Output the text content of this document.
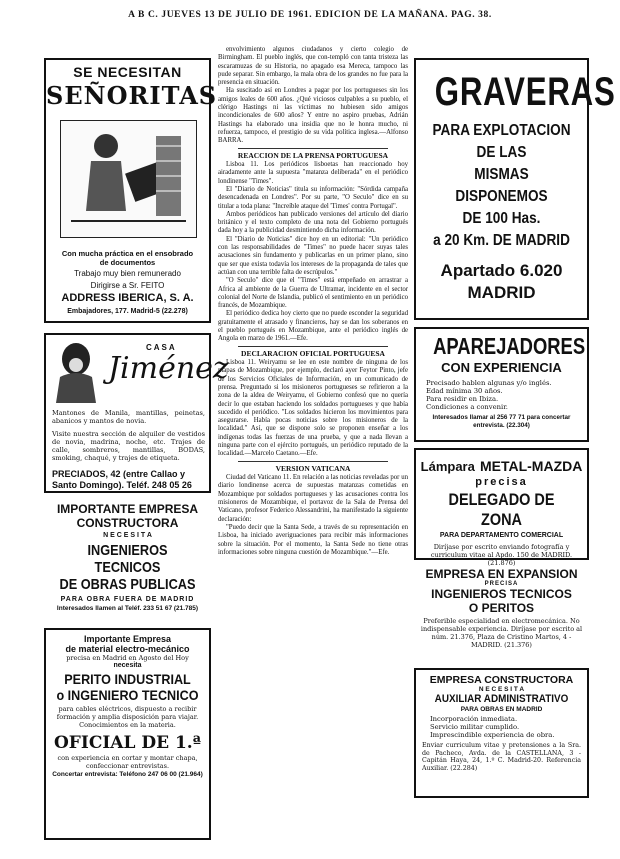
A B C. JUEVES 13 DE JULIO DE 1961. EDICION DE LA MAÑANA. PAG. 38.
SE NECESITAN
SEÑORITAS
Con mucha práctica en el ensobrado
de documentos
Trabajo muy bien remunerado
Dirigirse a Sr. FEITO
ADDRESS IBERICA, S. A.
Embajadores, 177. Madrid-5 (22.278)
CASA
Jiménez
Mantones de Manila, mantillas, peinetas, abanicos y mantos de novia.
Visite nuestra sección de alquiler de vestidos de novia, madrina, noche, etc. Trajes de calle, sombreros, mantillas, BODAS, smoking, chaqué, y trajes de etiqueta.
PRECIADOS, 42 (entre Callao y Santo Domingo). Teléf. 248 05 26
IMPORTANTE EMPRESA
CONSTRUCTORA
N E C E S I T A
INGENIEROS TECNICOS
DE OBRAS PUBLICAS
PARA OBRA FUERA DE MADRID
Interesados llamen al Teléf. 233 51 67 (21.785)
Importante Empresa
de material electro-mecánico
precisa en Madrid en Agosto del Hoy
necesita
PERITO INDUSTRIAL
o INGENIERO TECNICO
para cables eléctricos, dispuesto a recibir formación y amplia disposición para viajar. Conocimientos en la materia.
OFICIAL DE 1.ª
con experiencia en cortar y montar chapa, confeccionar entrevistas.
Concertar entrevista: Teléfono 247 06 00 (21.964)

envolvimiento algunos ciudadanos y cierto colegio de Birmingham. El pueblo inglés, que con-templó con tanta tristeza las escaramuzas de su Historia, no apagado esa Mereca, tampoco las pude separar. Sin embargo, la mala obra de los grandes no fue para la presencia en situación.

Ha suscitado así en Londres a pagar por los portugueses sin los amigos leales de 600 años. ¿Qué viciosos culpables a su pueblo, el clérigo Hastings ni las víctimas no hubiesen sido amigos incondicionales de 600 años? Y entre no aspiro pruebas, Adrián Hastings ha elaborado una insidia que no le honra mucho, ni refuerza, tampoco, el prestigio de su vida política inglesa.—Alfonso BARRA.

REACCION DE LA PRENSA PORTUGUESA

Lisboa 11. Los periódicos lisboetas han reaccionado hoy airadamente ante la supuesta "matanza deliberada" en el periódico londinense "Times".

El "Diario de Noticias" titula su información: "Sórdida campaña desencadenada en Londres". Por su parte, "O Seculo" dice en su titular a toda plana: "Increíble ataque del 'Times' contra Portugal".

Ambos periódicos han publicado versiones del artículo del diario británico y el texto completo de una nota del Gobierno portugués dada hoy a la publicidad desmintiendo dicha información.

El "Diario de Noticias" dice hoy en un editorial: "Un periódico con las responsabilidades de "Times" no puede hacer suyas tales acusaciones sin fundamento y publicarlas en un primer plano, sino que ser que exista todavía los intereses de la propaganda de tales que actúan con una terrible falta de escrúpulos."

"O Seculo" dice que el "Times" está empeñado en arrastrar a Africa al ambiente de la Guerra de Ultramar, incidente en el sector colonial del Norte de Islandia, publicó el sentimiento en un periódico francés, de Mozambique.

El periódico dedica hoy cierto que no puede esconder la seguridad gratuitamente el atrasado y financieros, hay se dan los soberanos en el pueblo portugués en Mozambique, ante el periódico inglés de Angola en marzo de 1961.—Efe.

DECLARACION OFICIAL PORTUGUESA

Lisboa 11. Weiryamu se lee en este nombre de ninguna de los mapas de Mozambique, por ejemplo, declaró ayer Feytor Pinto, jefe de los Servicios Oficiales de Información, en un comunicado de prensa. Preguntado si los misioneros portugueses se refirieron a la zona de la aldea de Weiryamu, el Gobierno confesó que no quería decir lo que estaban haciendo los soldados portugueses y que había sucedido el periódico. "Los soldados hicieron los movimientos para asegurarse. Había pocas noticias sobre los misioneros de la localidad." Así, que se dispone solo se proponen enseñar a los indígenas todas las fuerzas de una prueba, y que a nada llevan a ninguna parte con el ejército portugués, un periódico reputado de la localidad.—Marcelo Caetano.—Efe.

VERSION VATICANA

Ciudad del Vaticano 11. En relación a las noticias reveladas por un diario londinense acerca de supuestas matanzas cometidas en Mozambique por soldados portugueses y las acusaciones contra los misioneros de Mozambique, el portavoz de la Sala de Prensa del Vaticano, profesor Federico Alessandrini, ha manifestado la siguiente declaración:

"Puedo decir que la Santa Sede, a través de su representación en Lisboa, ha iniciado averiguaciones para recibir más informaciones sobre la situación. Por el momento, la Santa Sede no tiene otras informaciones sobre ninguna cuestión de Mozambique."—Efe.

GRAVERAS
PARA EXPLOTACION
DE LAS
MISMAS DISPONEMOS
DE 100 Has.
a 20 Km. DE MADRID
Apartado 6.020
MADRID
APAREJADORES
CON EXPERIENCIA
Precisado hablen algunas y/o inglés.
Edad mínima 30 años.
Para residir en Ibiza.
Condiciones a convenir.
Interesados llamar al 256 77 71 para concertar entrevista. (22.304)
Lámpara METAL-MAZDA
precisa
DELEGADO DE ZONA
PARA DEPARTAMENTO COMERCIAL
Diríjase por escrito enviando fotografía y curriculum vitae al Apdo. 150 de MADRID. (21.876)
EMPRESA EN EXPANSION
PRECISA
INGENIEROS TECNICOS
O PERITOS
Preferible especialidad en electromecánica. No indispensable experiencia. Diríjase por escrito al núm. 21.376, Plaza de Cristino Martos, 4 - MADRID. (21.376)
EMPRESA CONSTRUCTORA
N E C E S I T A
AUXILIAR ADMINISTRATIVO
PARA OBRAS EN MADRID
Incorporación inmediata.
Servicio militar cumplido.
Imprescindible experiencia de obra.
Enviar curriculum vitae y pretensiones a la Sra. de Pacheco, Avda. de la CASTELLANA, 3 - Capitán Haya, 24, 1.º C. Madrid-20. Referencia Auxiliar. (22.284)
